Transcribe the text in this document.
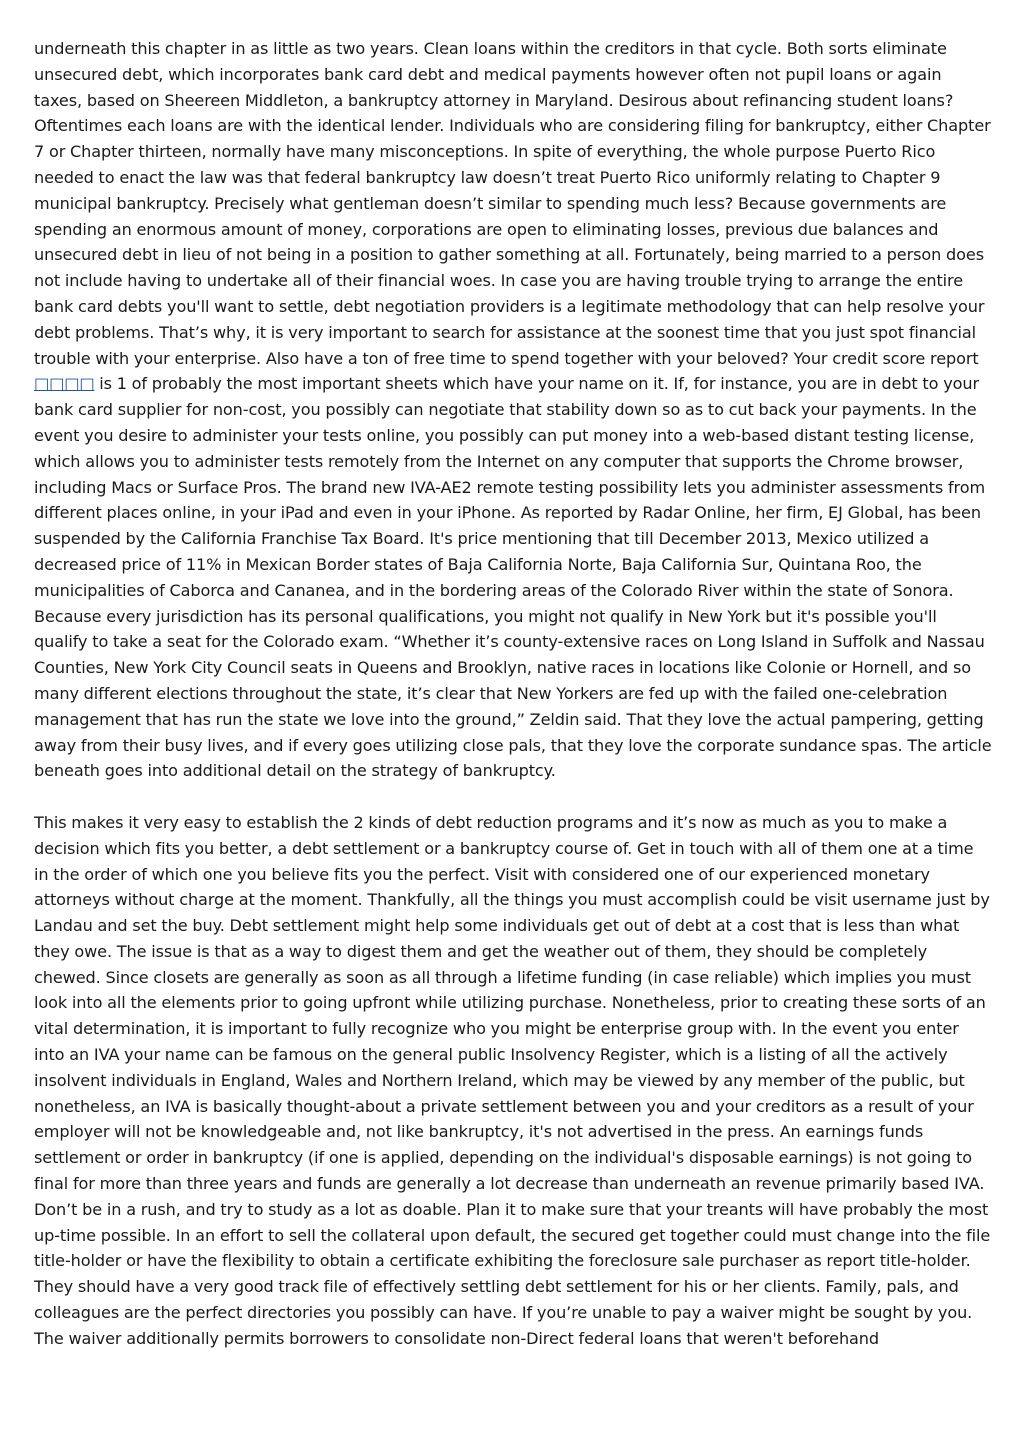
underneath this chapter in as little as two years. Clean loans within the creditors in that cycle. Both sorts eliminate unsecured debt, which incorporates bank card debt and medical payments however often not pupil loans or again taxes, based on Sheereen Middleton, a bankruptcy attorney in Maryland. Desirous about refinancing student loans? Oftentimes each loans are with the identical lender. Individuals who are considering filing for bankruptcy, either Chapter 7 or Chapter thirteen, normally have many misconceptions. In spite of everything, the whole purpose Puerto Rico needed to enact the law was that federal bankruptcy law doesn’t treat Puerto Rico uniformly relating to Chapter 9 municipal bankruptcy. Precisely what gentleman doesn’t similar to spending much less? Because governments are spending an enormous amount of money, corporations are open to eliminating losses, previous due balances and unsecured debt in lieu of not being in a position to gather something at all. Fortunately, being married to a person does not include having to undertake all of their financial woes. In case you are having trouble trying to arrange the entire bank card debts you'll want to settle, debt negotiation providers is a legitimate methodology that can help resolve your debt problems. That’s why, it is very important to search for assistance at the soonest time that you just spot financial trouble with your enterprise. Also have a ton of free time to spend together with your beloved? Your credit score report □□□□ is 1 of probably the most important sheets which have your name on it. If, for instance, you are in debt to your bank card supplier for non-cost, you possibly can negotiate that stability down so as to cut back your payments. In the event you desire to administer your tests online, you possibly can put money into a web-based distant testing license, which allows you to administer tests remotely from the Internet on any computer that supports the Chrome browser, including Macs or Surface Pros. The brand new IVA-AE2 remote testing possibility lets you administer assessments from different places online, in your iPad and even in your iPhone. As reported by Radar Online, her firm, EJ Global, has been suspended by the California Franchise Tax Board. It's price mentioning that till December 2013, Mexico utilized a decreased price of 11% in Mexican Border states of Baja California Norte, Baja California Sur, Quintana Roo, the municipalities of Caborca and Cananea, and in the bordering areas of the Colorado River within the state of Sonora. Because every jurisdiction has its personal qualifications, you might not qualify in New York but it's possible you'll qualify to take a seat for the Colorado exam. “Whether it’s county-extensive races on Long Island in Suffolk and Nassau Counties, New York City Council seats in Queens and Brooklyn, native races in locations like Colonie or Hornell, and so many different elections throughout the state, it’s clear that New Yorkers are fed up with the failed one-celebration management that has run the state we love into the ground,” Zeldin said. That they love the actual pampering, getting away from their busy lives, and if every goes utilizing close pals, that they love the corporate sundance spas. The article beneath goes into additional detail on the strategy of bankruptcy.

This makes it very easy to establish the 2 kinds of debt reduction programs and it’s now as much as you to make a decision which fits you better, a debt settlement or a bankruptcy course of. Get in touch with all of them one at a time in the order of which one you believe fits you the perfect. Visit with considered one of our experienced monetary attorneys without charge at the moment. Thankfully, all the things you must accomplish could be visit username just by Landau and set the buy. Debt settlement might help some individuals get out of debt at a cost that is less than what they owe. The issue is that as a way to digest them and get the weather out of them, they should be completely chewed. Since closets are generally as soon as all through a lifetime funding (in case reliable) which implies you must look into all the elements prior to going upfront while utilizing purchase. Nonetheless, prior to creating these sorts of an vital determination, it is important to fully recognize who you might be enterprise group with. In the event you enter into an IVA your name can be famous on the general public Insolvency Register, which is a listing of all the actively insolvent individuals in England, Wales and Northern Ireland, which may be viewed by any member of the public, but nonetheless, an IVA is basically thought-about a private settlement between you and your creditors as a result of your employer will not be knowledgeable and, not like bankruptcy, it's not advertised in the press. An earnings funds settlement or order in bankruptcy (if one is applied, depending on the individual's disposable earnings) is not going to final for more than three years and funds are generally a lot decrease than underneath an revenue primarily based IVA. Don’t be in a rush, and try to study as a lot as doable. Plan it to make sure that your treants will have probably the most up-time possible. In an effort to sell the collateral upon default, the secured get together could must change into the file title-holder or have the flexibility to obtain a certificate exhibiting the foreclosure sale purchaser as report title-holder. They should have a very good track file of effectively settling debt settlement for his or her clients. Family, pals, and colleagues are the perfect directories you possibly can have. If you’re unable to pay a waiver might be sought by you. The waiver additionally permits borrowers to consolidate non-Direct federal loans that weren't beforehand
